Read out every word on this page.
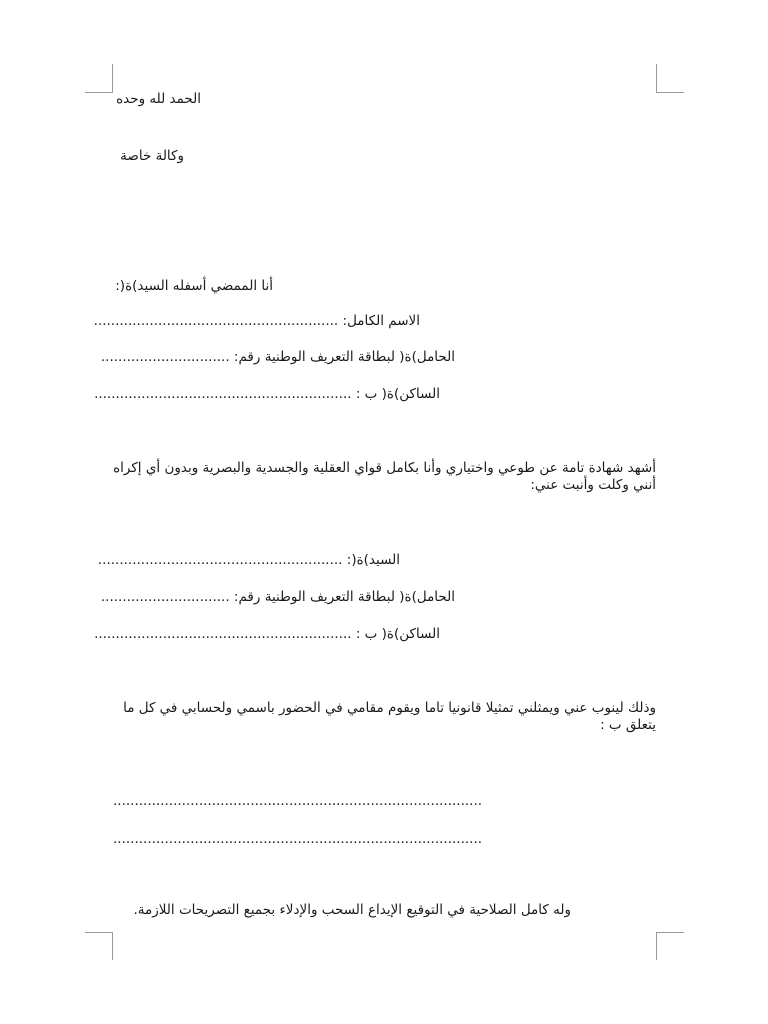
الحمد لله وحده
وكالة خاصة
أنا الممضي أسفله السيد)ة(:
الاسم الكامل: .........................................................
الحامل)ة( لبطاقة التعريف الوطنية رقم: ..............................
الساكن)ة( ب : ............................................................
أشهد شهادة تامة عن طوعي واختياري وأنا بكامل قواي العقلية والجسدية والبصرية وبدون أي إكراه أنني وكلت وأنبت عني:
السيد)ة(: .........................................................
الحامل)ة( لبطاقة التعريف الوطنية رقم: ..............................
الساكن)ة( ب : ............................................................
وذلك لينوب عني ويمثلني تمثيلا قانونيا تاما ويقوم مقامي في الحضور باسمي ولحسابي في كل ما يتعلق ب :
......................................................................................
......................................................................................
وله كامل الصلاحية في التوقيع الإيداع السحب والإدلاء بجميع التصريحات اللازمة.
